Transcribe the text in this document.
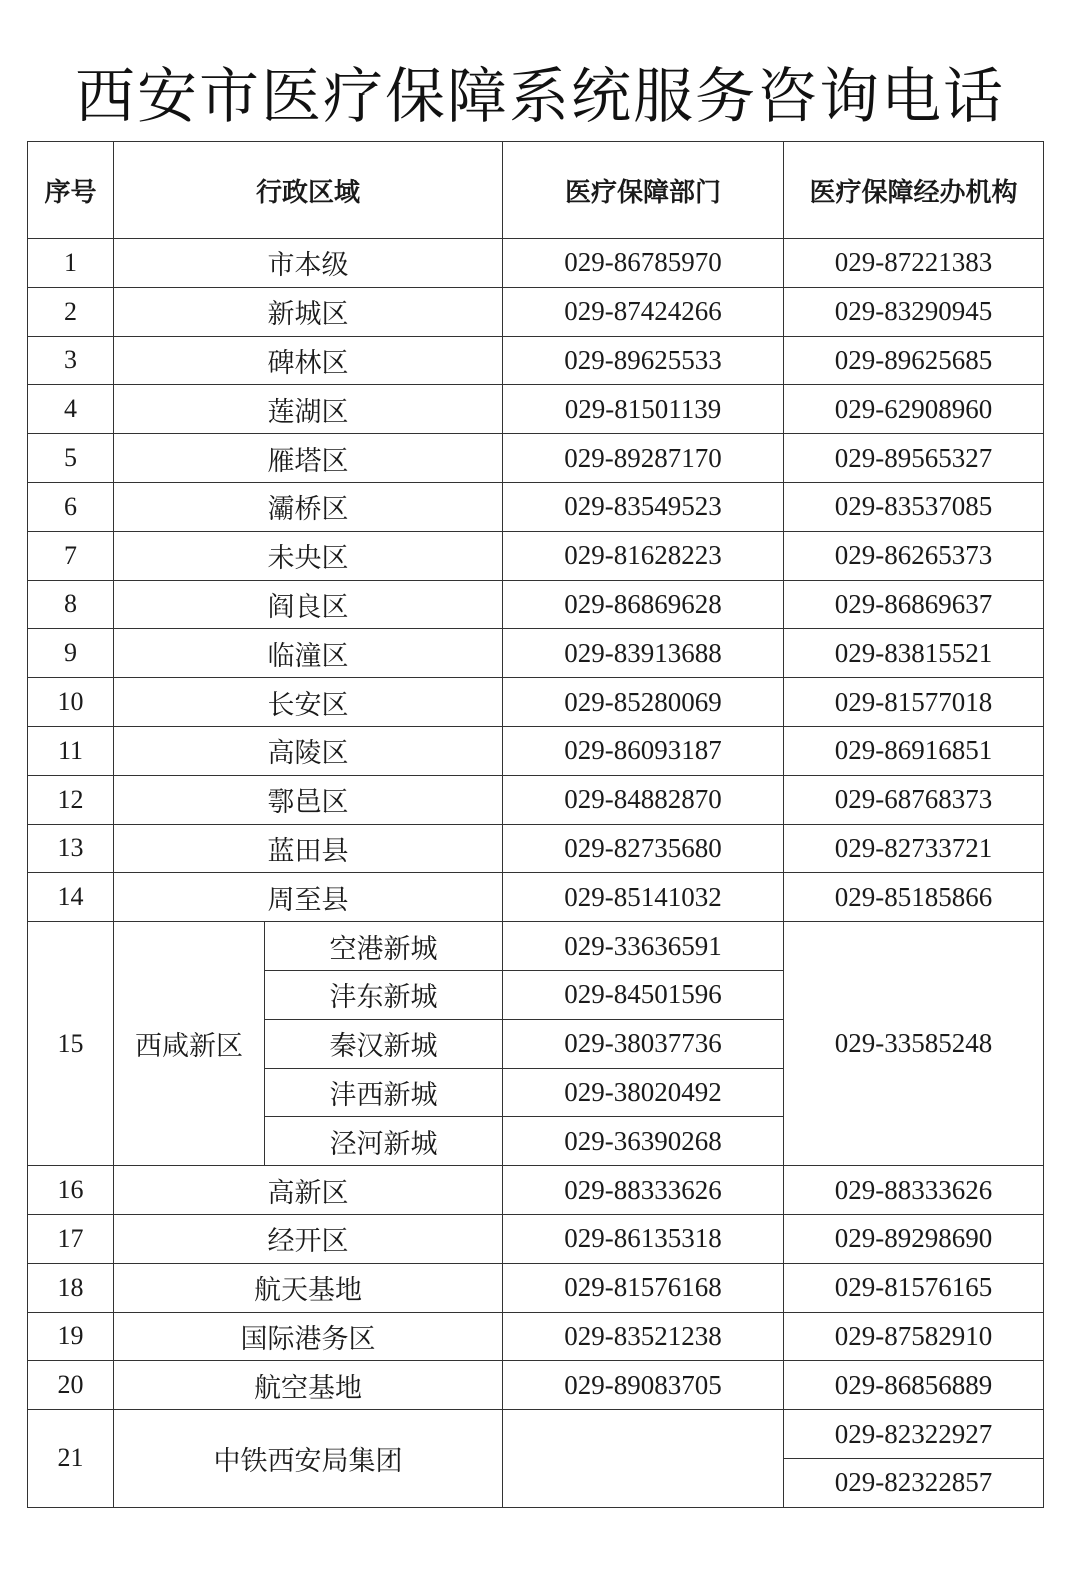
西安市医疗保障系统服务咨询电话
序号	行政区域		医疗保障部门	医疗保障经办机构
1	市本级		029-86785970	029-87221383
2	新城区		029-87424266	029-83290945
3	碑林区		029-89625533	029-89625685
4	莲湖区		029-81501139	029-62908960
5	雁塔区		029-89287170	029-89565327
6	灞桥区		029-83549523	029-83537085
7	未央区		029-81628223	029-86265373
8	阎良区		029-86869628	029-86869637
9	临潼区		029-83913688	029-83815521
10	长安区		029-85280069	029-81577018
11	高陵区		029-86093187	029-86916851
12	鄠邑区		029-84882870	029-68768373
13	蓝田县		029-82735680	029-82733721
14	周至县		029-85141032	029-85185866
15	西咸新区	空港新城	029-33636591	029-33585248
		沣东新城	029-84501596	
		秦汉新城	029-38037736	
		沣西新城	029-38020492	
		泾河新城	029-36390268	
16	高新区		029-88333626	029-88333626
17	经开区		029-86135318	029-89298690
18	航天基地		029-81576168	029-81576165
19	国际港务区		029-83521238	029-87582910
20	航空基地		029-89083705	029-86856889
21	中铁西安局集团			029-82322927
				029-82322857
